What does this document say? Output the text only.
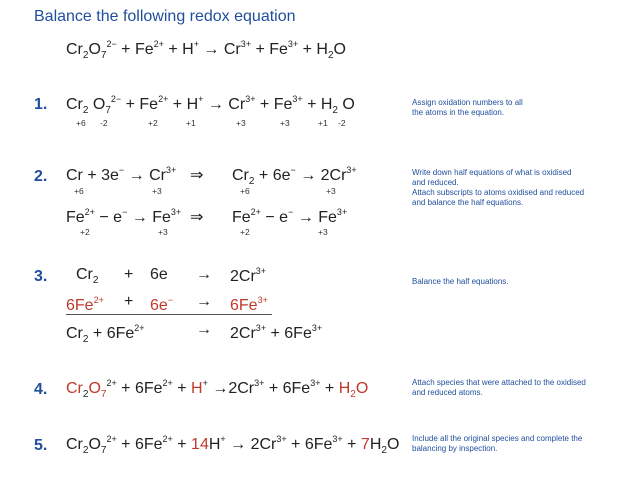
Balance the following redox equation
$Cr_2O_7^{2-} + Fe^{2+} + H^+ \to Cr^{3+} + Fe^{3+} + H_2O$
1. $Cr_2$ $O_7^{2-} + Fe^{2+} + H^+ \to Cr^{3+} + Fe^{3+} + H_2$ O
+6 -2	+2	+1	+3	+3	+1 -2
Assign oxidation numbers to all
the atoms in the equation.
2. $Cr + 3e^- \to Cr^{3+}$ ⇒ $Cr_2 + 6e^- \to 2Cr^{3+}$
+6	+3	+6	+3
$Fe^{2+} - e^- \to Fe^{3+}$ ⇒ $Fe^{2+} - e^- \to Fe^{3+}$
+2	+3	+2	+3
Write down half equations of what is oxidised
and reduced.
Attach subscripts to atoms oxidised and reduced
and balance the half equations.
3. $Cr_2 + 6e \to 2Cr^{3+}$
$6Fe^{2+} + 6e^- \to 6Fe^{3+}$
$Cr_2 + 6Fe^{2+}$	→ $2Cr^{3+} + 6Fe^{3+}$
Balance the half equations.
4. $Cr_2O_7^{2+} + 6Fe^{2+} + H^+ \to 2Cr^{3+} + 6Fe^{3+} + H_2O$	Attach species that were attached to the oxidised
and reduced atoms.
5. $Cr_2O_7^{2+} + 6Fe^{2+} + 14H^+ \to 2Cr^{3+} + 6Fe^{3+} + 7H_2O$ Include all the original species and complete the
balancing by inspection.
